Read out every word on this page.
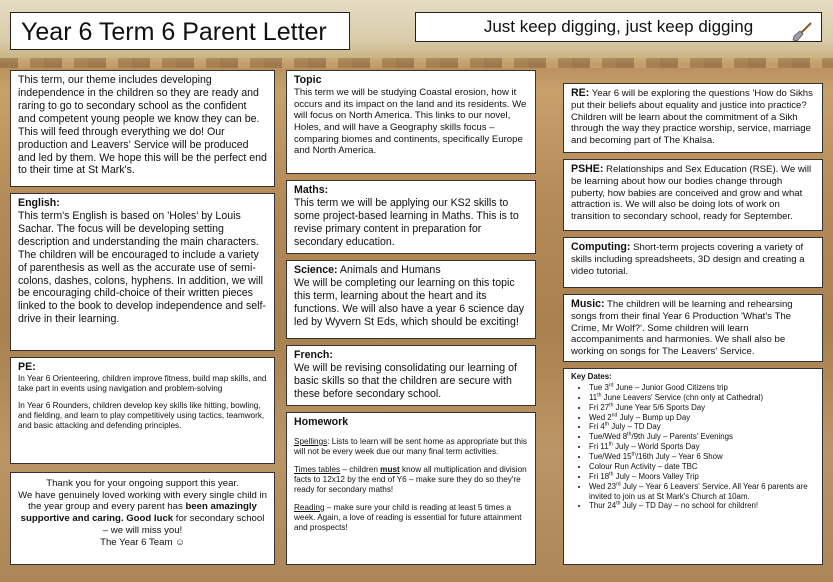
Year 6 Term 6 Parent Letter	Just keep digging, just keep digging

This term, our theme includes developing independence in the children so they are ready and raring to go to secondary school as the confident and competent young people we know they can be. This will feed through everything we do! Our production and Leavers' Service will be produced and led by them. We hope this will be the perfect end to their time at St Mark's.

English:

This term's English is based on 'Holes' by Louis Sachar. The focus will be developing setting description and understanding the main characters. The children will be encouraged to include a variety of parenthesis as well as the accurate use of semi-colons, dashes, colons, hyphens. In addition, we will be encouraging child-choice of their written pieces linked to the book to develop independence and self-drive in their learning.

PE:

In Year 6 Orienteering, children improve fitness, build map skills, and take part in events using navigation and problem-solving

In Year 6 Rounders, children develop key skills like hitting, bowling, and fielding, and learn to play competitively using tactics, teamwork, and basic attacking and defending principles.

Thank you for your ongoing support this year.

We have genuinely loved working with every single child in the year group and every parent has been amazingly supportive and caring. Good luck for secondary school – we will miss you!

The Year 6 Team ☺

Topic

This term we will be studying Coastal erosion, how it occurs and its impact on the land and its residents. We will focus on North America. This links to our novel, Holes, and will have a Geography skills focus – comparing biomes and continents, specifically Europe and North America.

Maths:

This term we will be applying our KS2 skills to some project-based learning in Maths. This is to revise primary content in preparation for secondary education.

Science: Animals and Humans

We will be completing our learning on this topic this term, learning about the heart and its functions. We will also have a year 6 science day led by Wyvern St Eds, which should be exciting!

French:

We will be revising consolidating our learning of basic skills so that the children are secure with these before secondary school.

Homework

Spellings: Lists to learn will be sent home as appropriate but this will not be every week due our many final term activities.

Times tables – children must know all multiplication and division facts to 12x12 by the end of Y6 – make sure they do so they're ready for secondary maths!

Reading – make sure your child is reading at least 5 times a week. Again, a love of reading is essential for future attainment and prospects!

RE: Year 6 will be exploring the questions 'How do Sikhs put their beliefs about equality and justice into practice? Children will be learn about the commitment of a Sikh through the way they practice worship, service, marriage and becoming part of The Khalsa.

PSHE: Relationships and Sex Education (RSE). We will be learning about how our bodies change through puberty, how babies are conceived and grow and what attraction is. We will also be doing lots of work on transition to secondary school, ready for September.

Computing: Short-term projects covering a variety of skills including spreadsheets, 3D design and creating a video tutorial.

Music: The children will be learning and rehearsing songs from their final Year 6 Production 'What's The Crime, Mr Wolf?'. Some children will learn accompaniments and harmonies. We shall also be working on songs for The Leavers' Service.

Key Dates:

• Tue 3rd June – Junior Good Citizens trip
• 11th June Leavers' Service (chn only at Cathedral)
• Fri 27th June Year 5/6 Sports Day
• Wed 2nd July – Bump up Day
• Fri 4th July – TD Day
• Tue/Wed 8th/9th July – Parents' Evenings
• Fri 11th July – World Sports Day
• Tue/Wed 15th/16th July – Year 6 Show
• Colour Run Activity – date TBC
• Fri 18th July – Moors Valley Trip
• Wed 23rd July – Year 6 Leavers' Service. All Year 6 parents are invited to join us at St Mark's Church at 10am.
• Thur 24th July – TD Day – no school for children!
